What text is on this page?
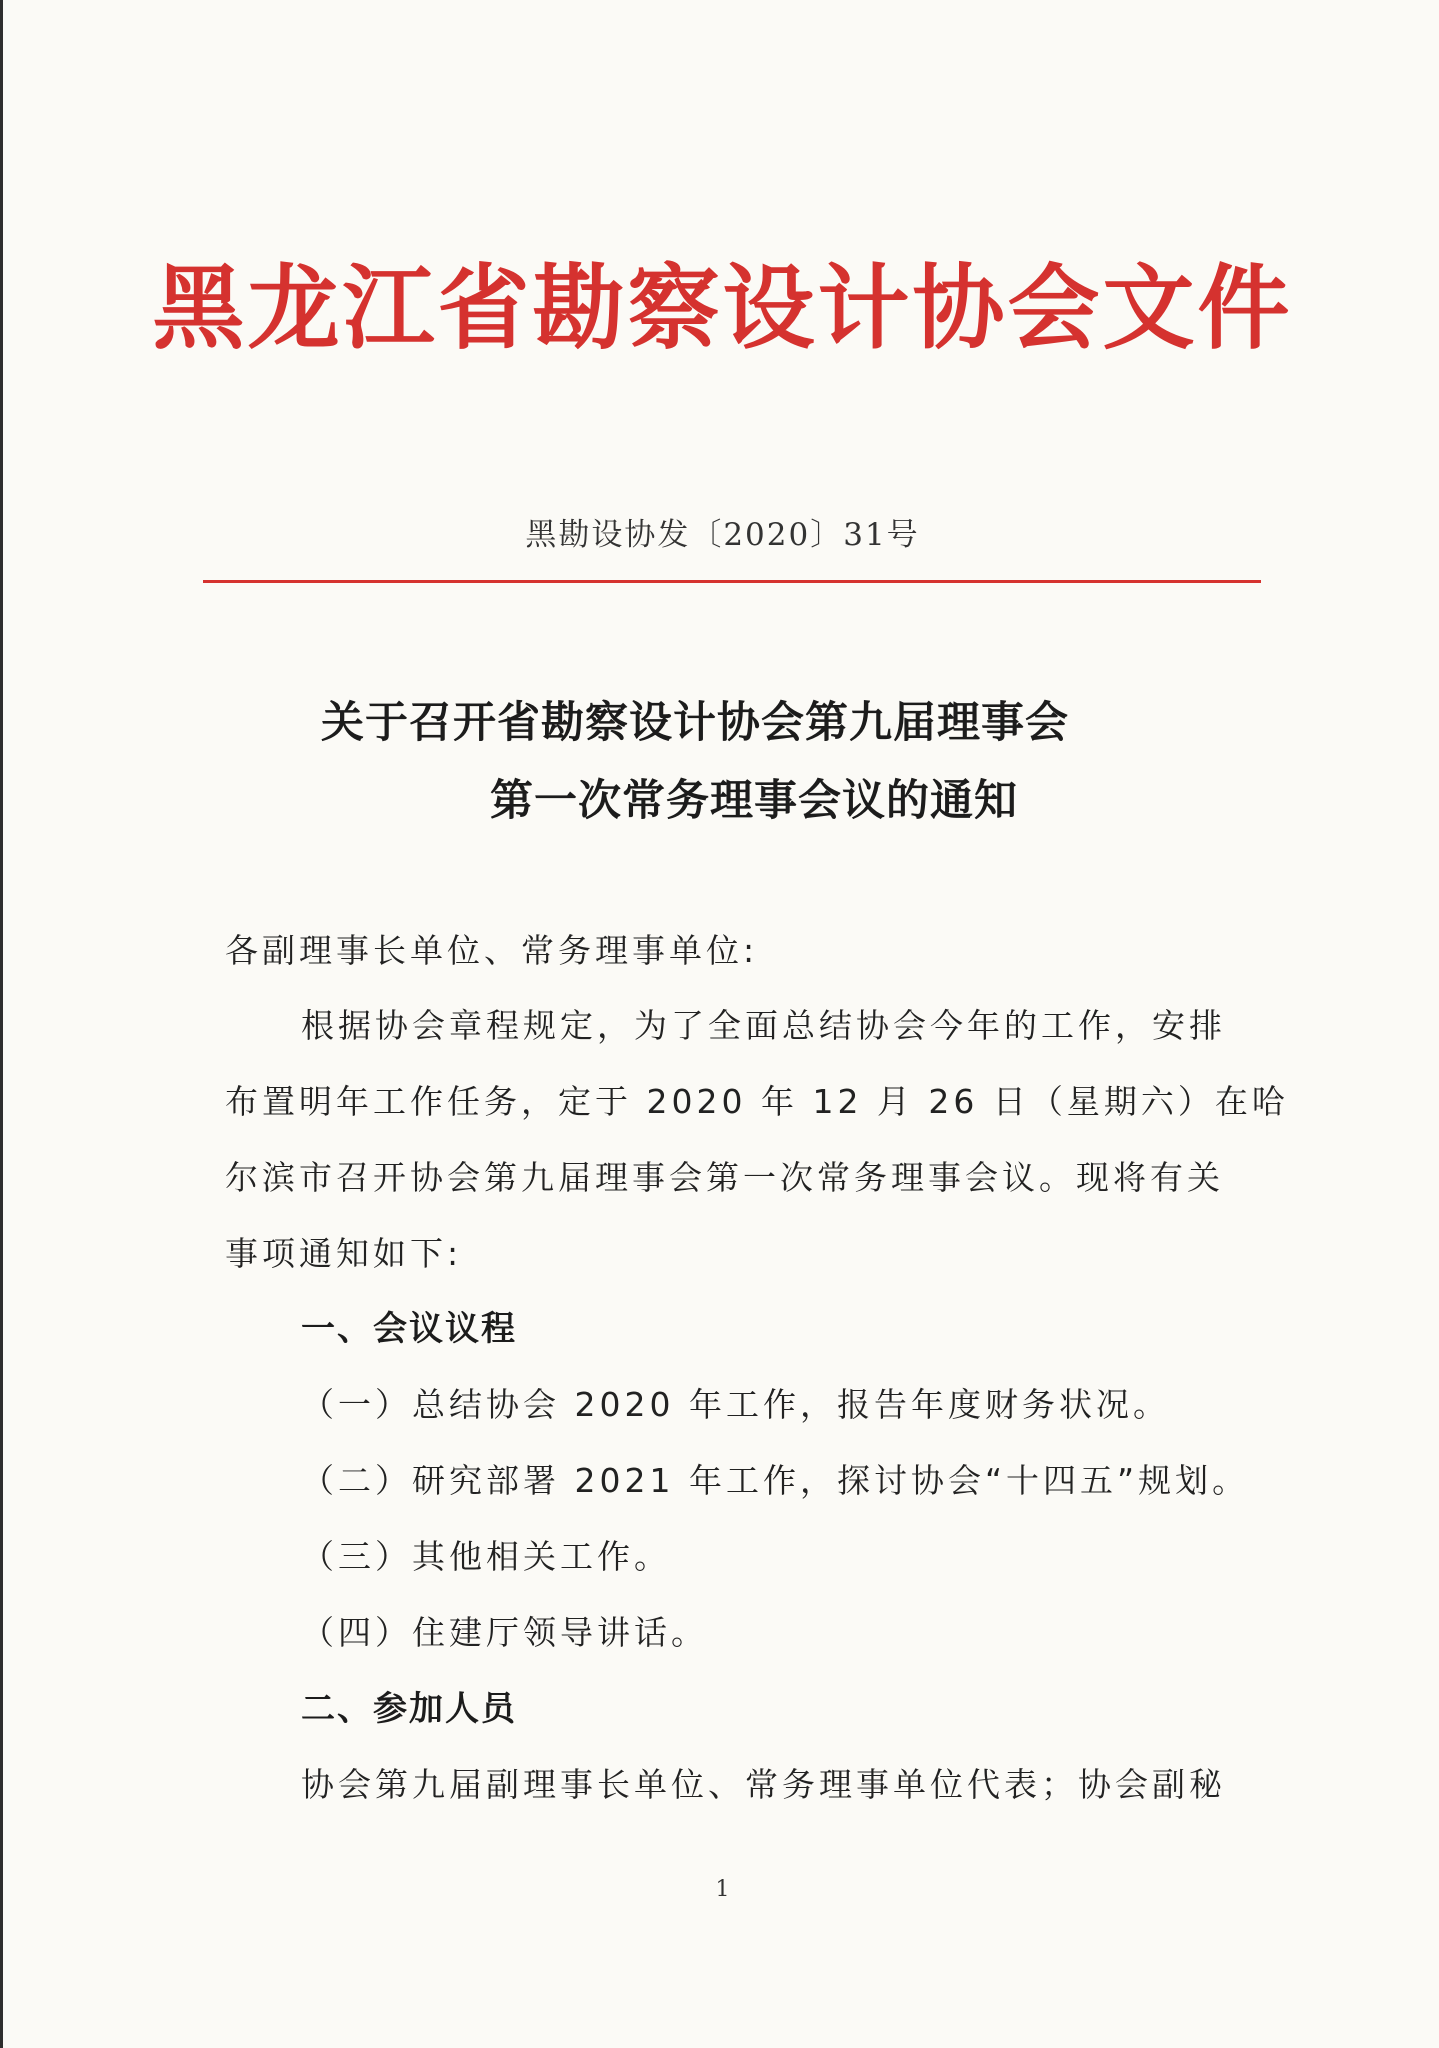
黑龙江省勘察设计协会文件
黑勘设协发〔2020〕31号
关于召开省勘察设计协会第九届理事会
第一次常务理事会议的通知
各副理事长单位、常务理事单位:
根据协会章程规定，为了全面总结协会今年的工作，安排
布置明年工作任务，定于 2020 年 12 月 26 日（星期六）在哈
尔滨市召开协会第九届理事会第一次常务理事会议。现将有关
事项通知如下:
一、会议议程
（一）总结协会 2020 年工作，报告年度财务状况。
（二）研究部署 2021 年工作，探讨协会“十四五”规划。
（三）其他相关工作。
（四）住建厅领导讲话。
二、参加人员
协会第九届副理事长单位、常务理事单位代表；协会副秘
1
